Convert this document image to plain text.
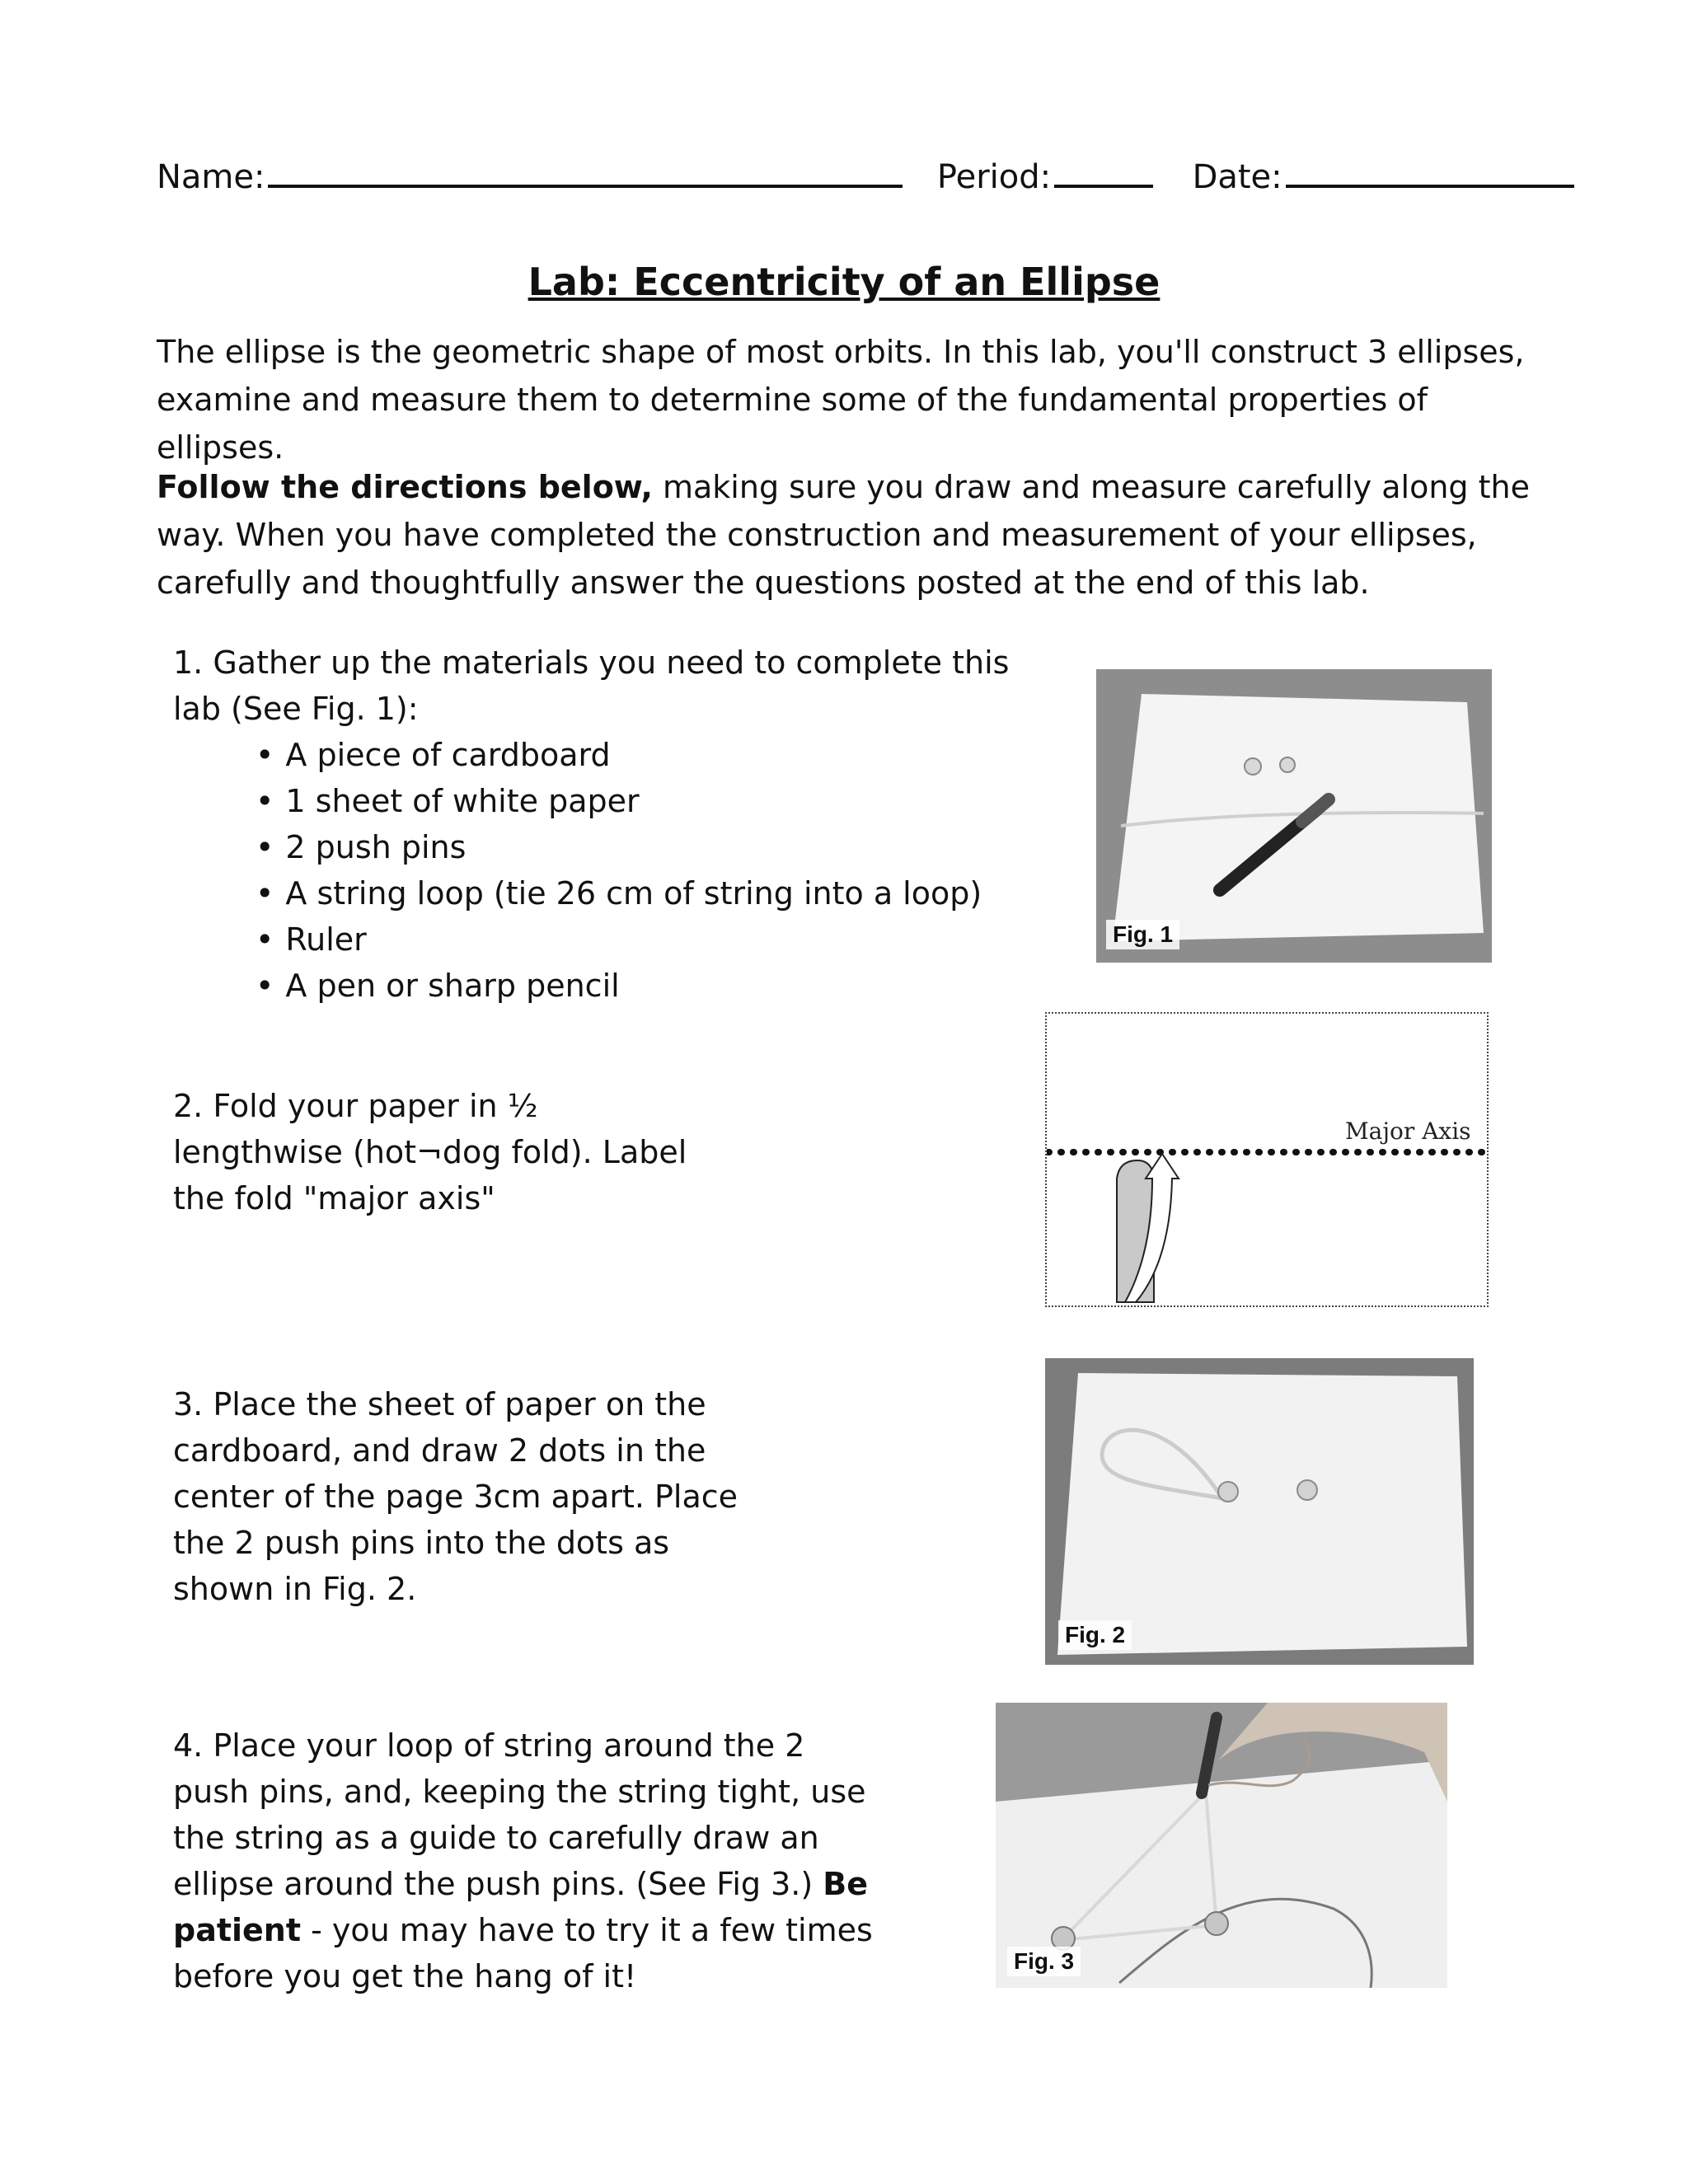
Name:	Period:	Date:
Lab: Eccentricity of an Ellipse
The ellipse is the geometric shape of most orbits. In this lab, you'll construct 3 ellipses, examine and measure them to determine some of the fundamental properties of ellipses.
Follow the directions below, making sure you draw and measure carefully along the way. When you have completed the construction and measurement of your ellipses, carefully and thoughtfully answer the questions posted at the end of this lab.
1. Gather up the materials you need to complete this lab (See Fig. 1):
• A piece of cardboard
• 1 sheet of white paper
• 2 push pins
• A string loop (tie 26 cm of string into a loop)
• Ruler
• A pen or sharp pencil
Fig. 1
2. Fold your paper in ½ lengthwise (hot¬dog fold). Label the fold "major axis"
Major Axis
3. Place the sheet of paper on the cardboard, and draw 2 dots in the center of the page 3cm apart. Place the 2 push pins into the dots as shown in Fig. 2.
Fig. 2
4. Place your loop of string around the 2 push pins, and, keeping the string tight, use the string as a guide to carefully draw an ellipse around the push pins. (See Fig 3.) Be patient - you may have to try it a few times before you get the hang of it!	Fig. 3
